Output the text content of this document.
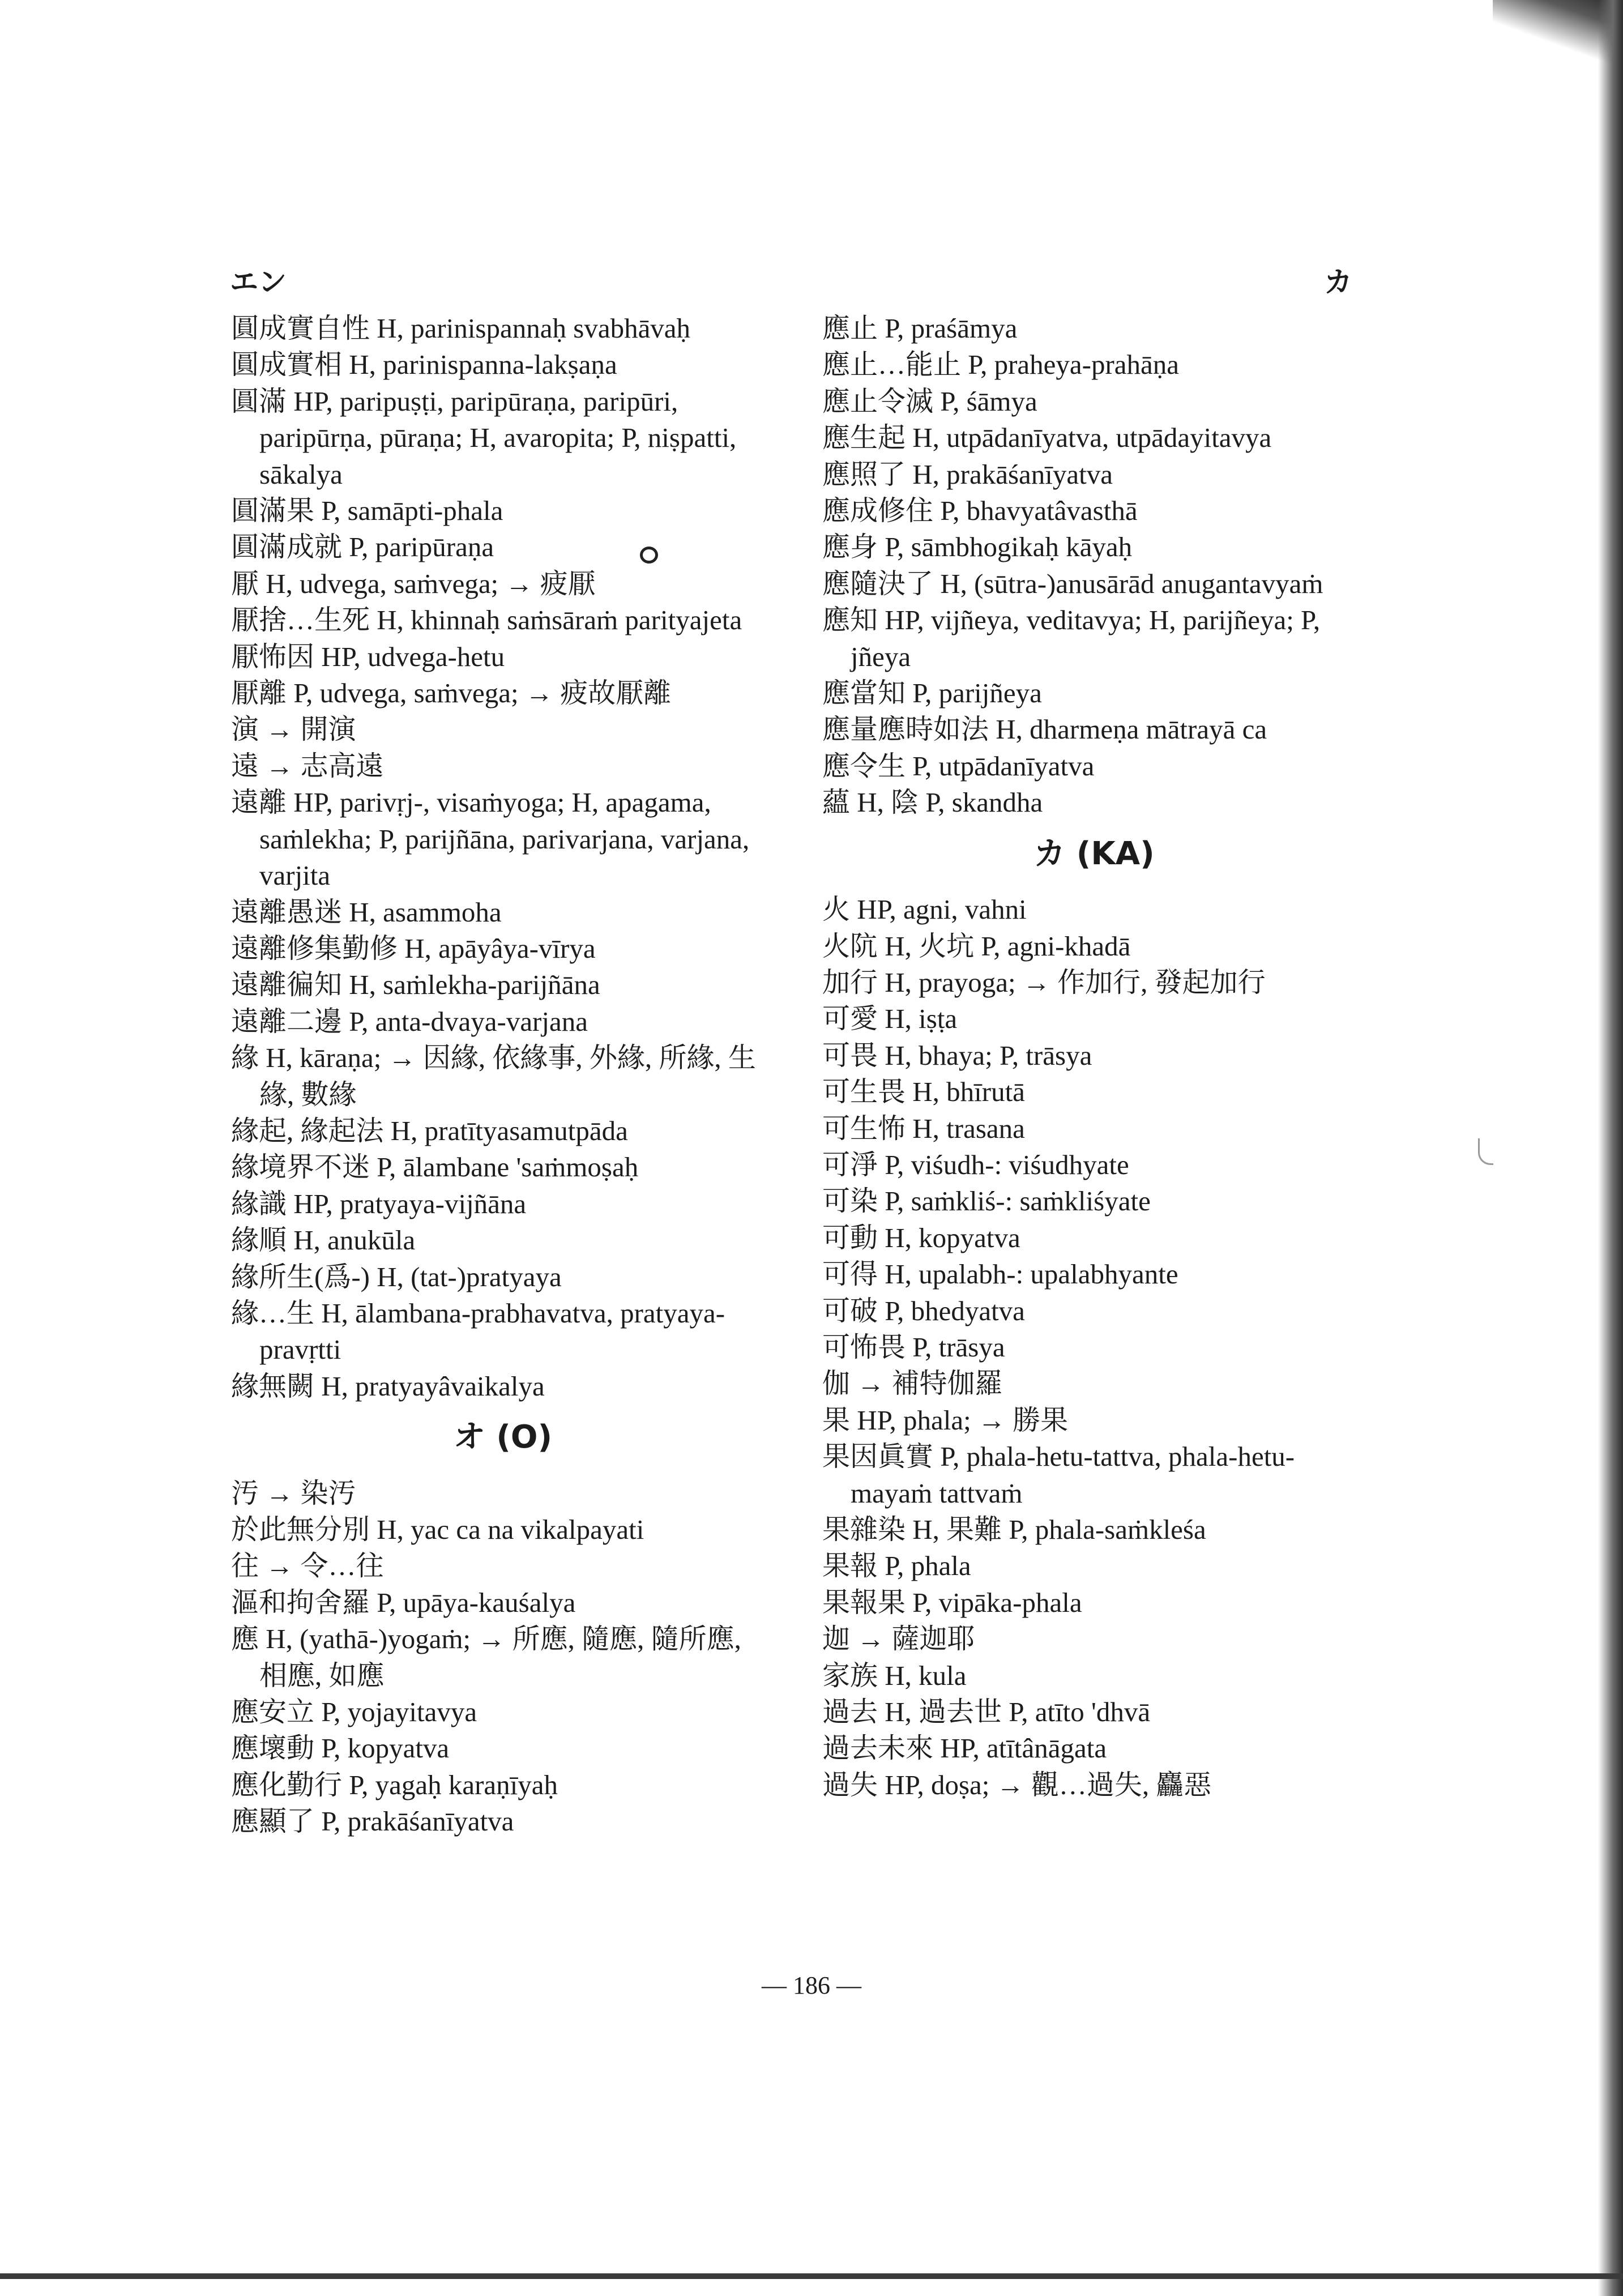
エン	カ
圓成實自性 H, parinispannaḥ svabhāvaḥ
圓成實相 H, parinispanna-lakṣaṇa
圓滿 HP, paripuṣṭi, paripūraṇa, paripūri, paripūrṇa, pūraṇa; H, avaropita; P, niṣpatti, sākalya
圓滿果 P, samāpti-phala
圓滿成就 P, paripūraṇa
厭 H, udvega, saṁvega; → 疲厭
厭捨…生死 H, khinnaḥ saṁsāraṁ parityajeta
厭怖因 HP, udvega-hetu
厭離 P, udvega, saṁvega; → 疲故厭離
演 → 開演
遠 → 志高遠
遠離 HP, parivṛj-, visaṁyoga; H, apagama, saṁlekha; P, parijñāna, parivarjana, varjana, varjita
遠離愚迷 H, asammoha
遠離修集勤修 H, apāyâya-vīrya
遠離徧知 H, saṁlekha-parijñāna
遠離二邊 P, anta-dvaya-varjana
緣 H, kāraṇa; → 因緣, 依緣事, 外緣, 所緣, 生緣, 數緣
緣起, 緣起法 H, pratītyasamutpāda
緣境界不迷 P, ālambane 'saṁmoṣaḥ
緣識 HP, pratyaya-vijñāna
緣順 H, anukūla
緣所生(爲-) H, (tat-)pratyaya
緣…生 H, ālambana-prabhavatva, pratyaya-pravṛtti
緣無闕 H, pratyayâvaikalya
オ (O)
汚 → 染汚
於此無分別 H, yac ca na vikalpayati
往 → 令…往
漚和拘舍羅 P, upāya-kauśalya
應 H, (yathā-)yogaṁ; → 所應, 隨應, 隨所應, 相應, 如應
應安立 P, yojayitavya
應壞動 P, kopyatva
應化勤行 P, yagaḥ karaṇīyaḥ
應顯了 P, prakāśanīyatva
應止 P, praśāmya
應止…能止 P, praheya-prahāṇa
應止令滅 P, śāmya
應生起 H, utpādanīyatva, utpādayitavya
應照了 H, prakāśanīyatva
應成修住 P, bhavyatâvasthā
應身 P, sāmbhogikaḥ kāyaḥ
應隨決了 H, (sūtra-)anusārād anugantavyaṁ
應知 HP, vijñeya, veditavya; H, parijñeya; P, jñeya
應當知 P, parijñeya
應量應時如法 H, dharmeṇa mātrayā ca
應令生 P, utpādanīyatva
蘊 H, 陰 P, skandha
カ (KA)
火 HP, agni, vahni
火阬 H, 火坑 P, agni-khadā
加行 H, prayoga; → 作加行, 發起加行
可愛 H, iṣṭa
可畏 H, bhaya; P, trāsya
可生畏 H, bhīrutā
可生怖 H, trasana
可淨 P, viśudh-: viśudhyate
可染 P, saṁkliś-: saṁkliśyate
可動 H, kopyatva
可得 H, upalabh-: upalabhyante
可破 P, bhedyatva
可怖畏 P, trāsya
伽 → 補特伽羅
果 HP, phala; → 勝果
果因眞實 P, phala-hetu-tattva, phala-hetu-mayaṁ tattvaṁ
果雜染 H, 果難 P, phala-saṁkleśa
果報 P, phala
果報果 P, vipāka-phala
迦 → 薩迦耶
家族 H, kula
過去 H, 過去世 P, atīto 'dhvā
過去未來 HP, atītânāgata
過失 HP, doṣa; → 觀…過失, 麤惡
— 186 —
